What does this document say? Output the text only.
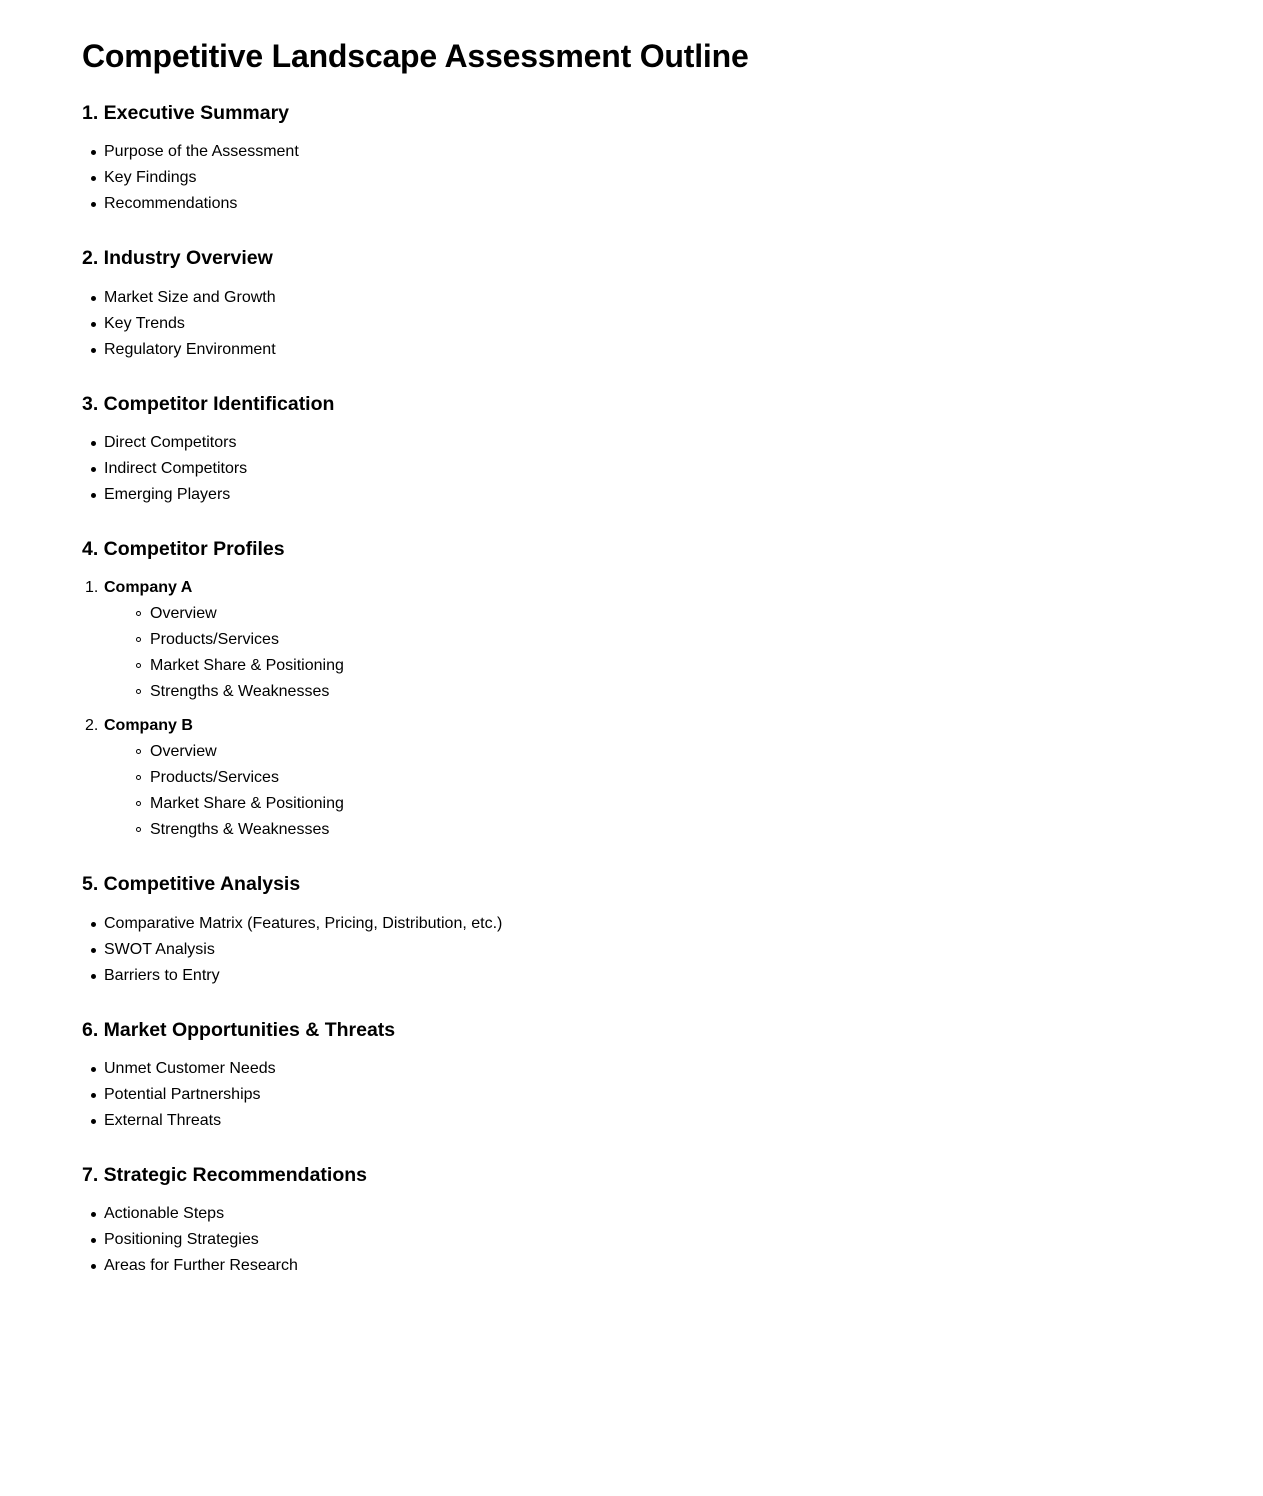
Competitive Landscape Assessment Outline
1. Executive Summary
Purpose of the Assessment
Key Findings
Recommendations
2. Industry Overview
Market Size and Growth
Key Trends
Regulatory Environment
3. Competitor Identification
Direct Competitors
Indirect Competitors
Emerging Players
4. Competitor Profiles
Company A
Overview
Products/Services
Market Share & Positioning
Strengths & Weaknesses
Company B
Overview
Products/Services
Market Share & Positioning
Strengths & Weaknesses
5. Competitive Analysis
Comparative Matrix (Features, Pricing, Distribution, etc.)
SWOT Analysis
Barriers to Entry
6. Market Opportunities & Threats
Unmet Customer Needs
Potential Partnerships
External Threats
7. Strategic Recommendations
Actionable Steps
Positioning Strategies
Areas for Further Research
